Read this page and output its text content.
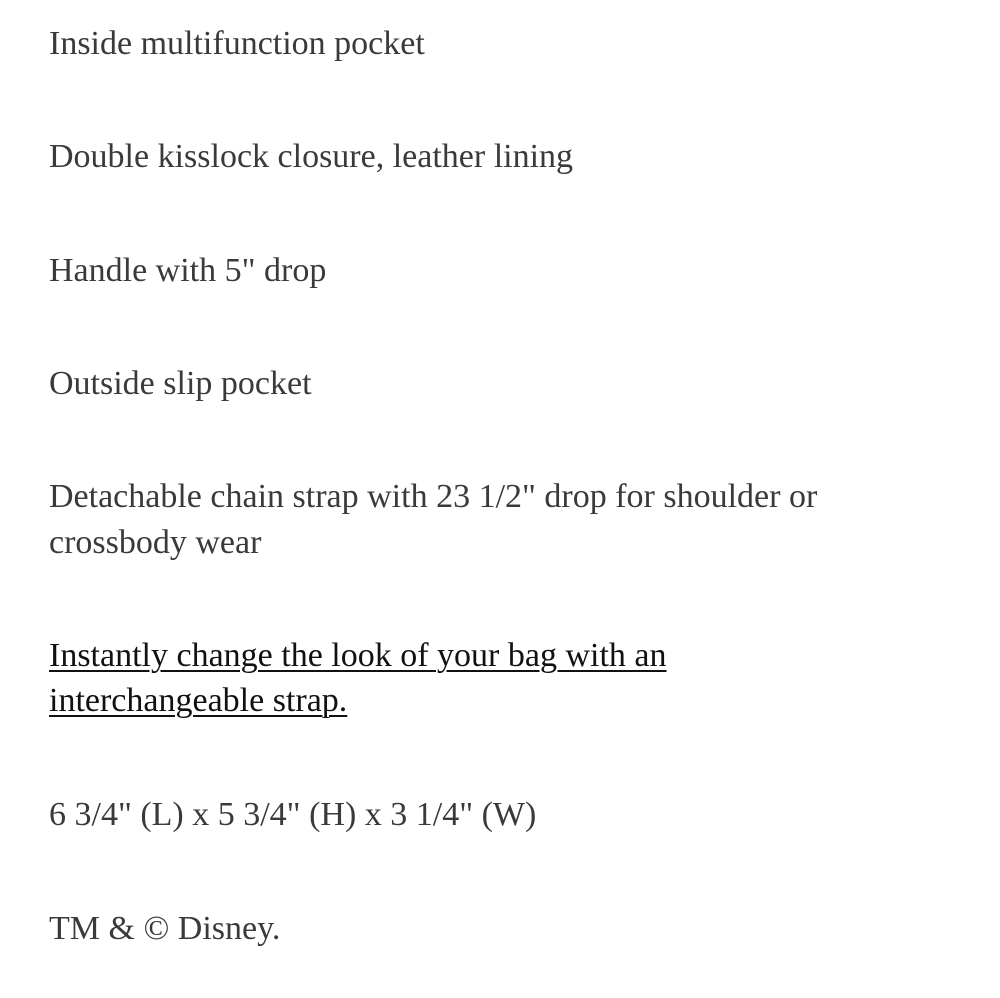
Inside multifunction pocket

Double kisslock closure, leather lining

Handle with 5" drop

Outside slip pocket

Detachable chain strap with 23 1/2" drop for shoulder or

crossbody wear

Instantly change the look of your bag with an

interchangeable strap.

6 3/4" (L) x 5 3/4" (H) x 3 1/4" (W)

TM & © Disney.
